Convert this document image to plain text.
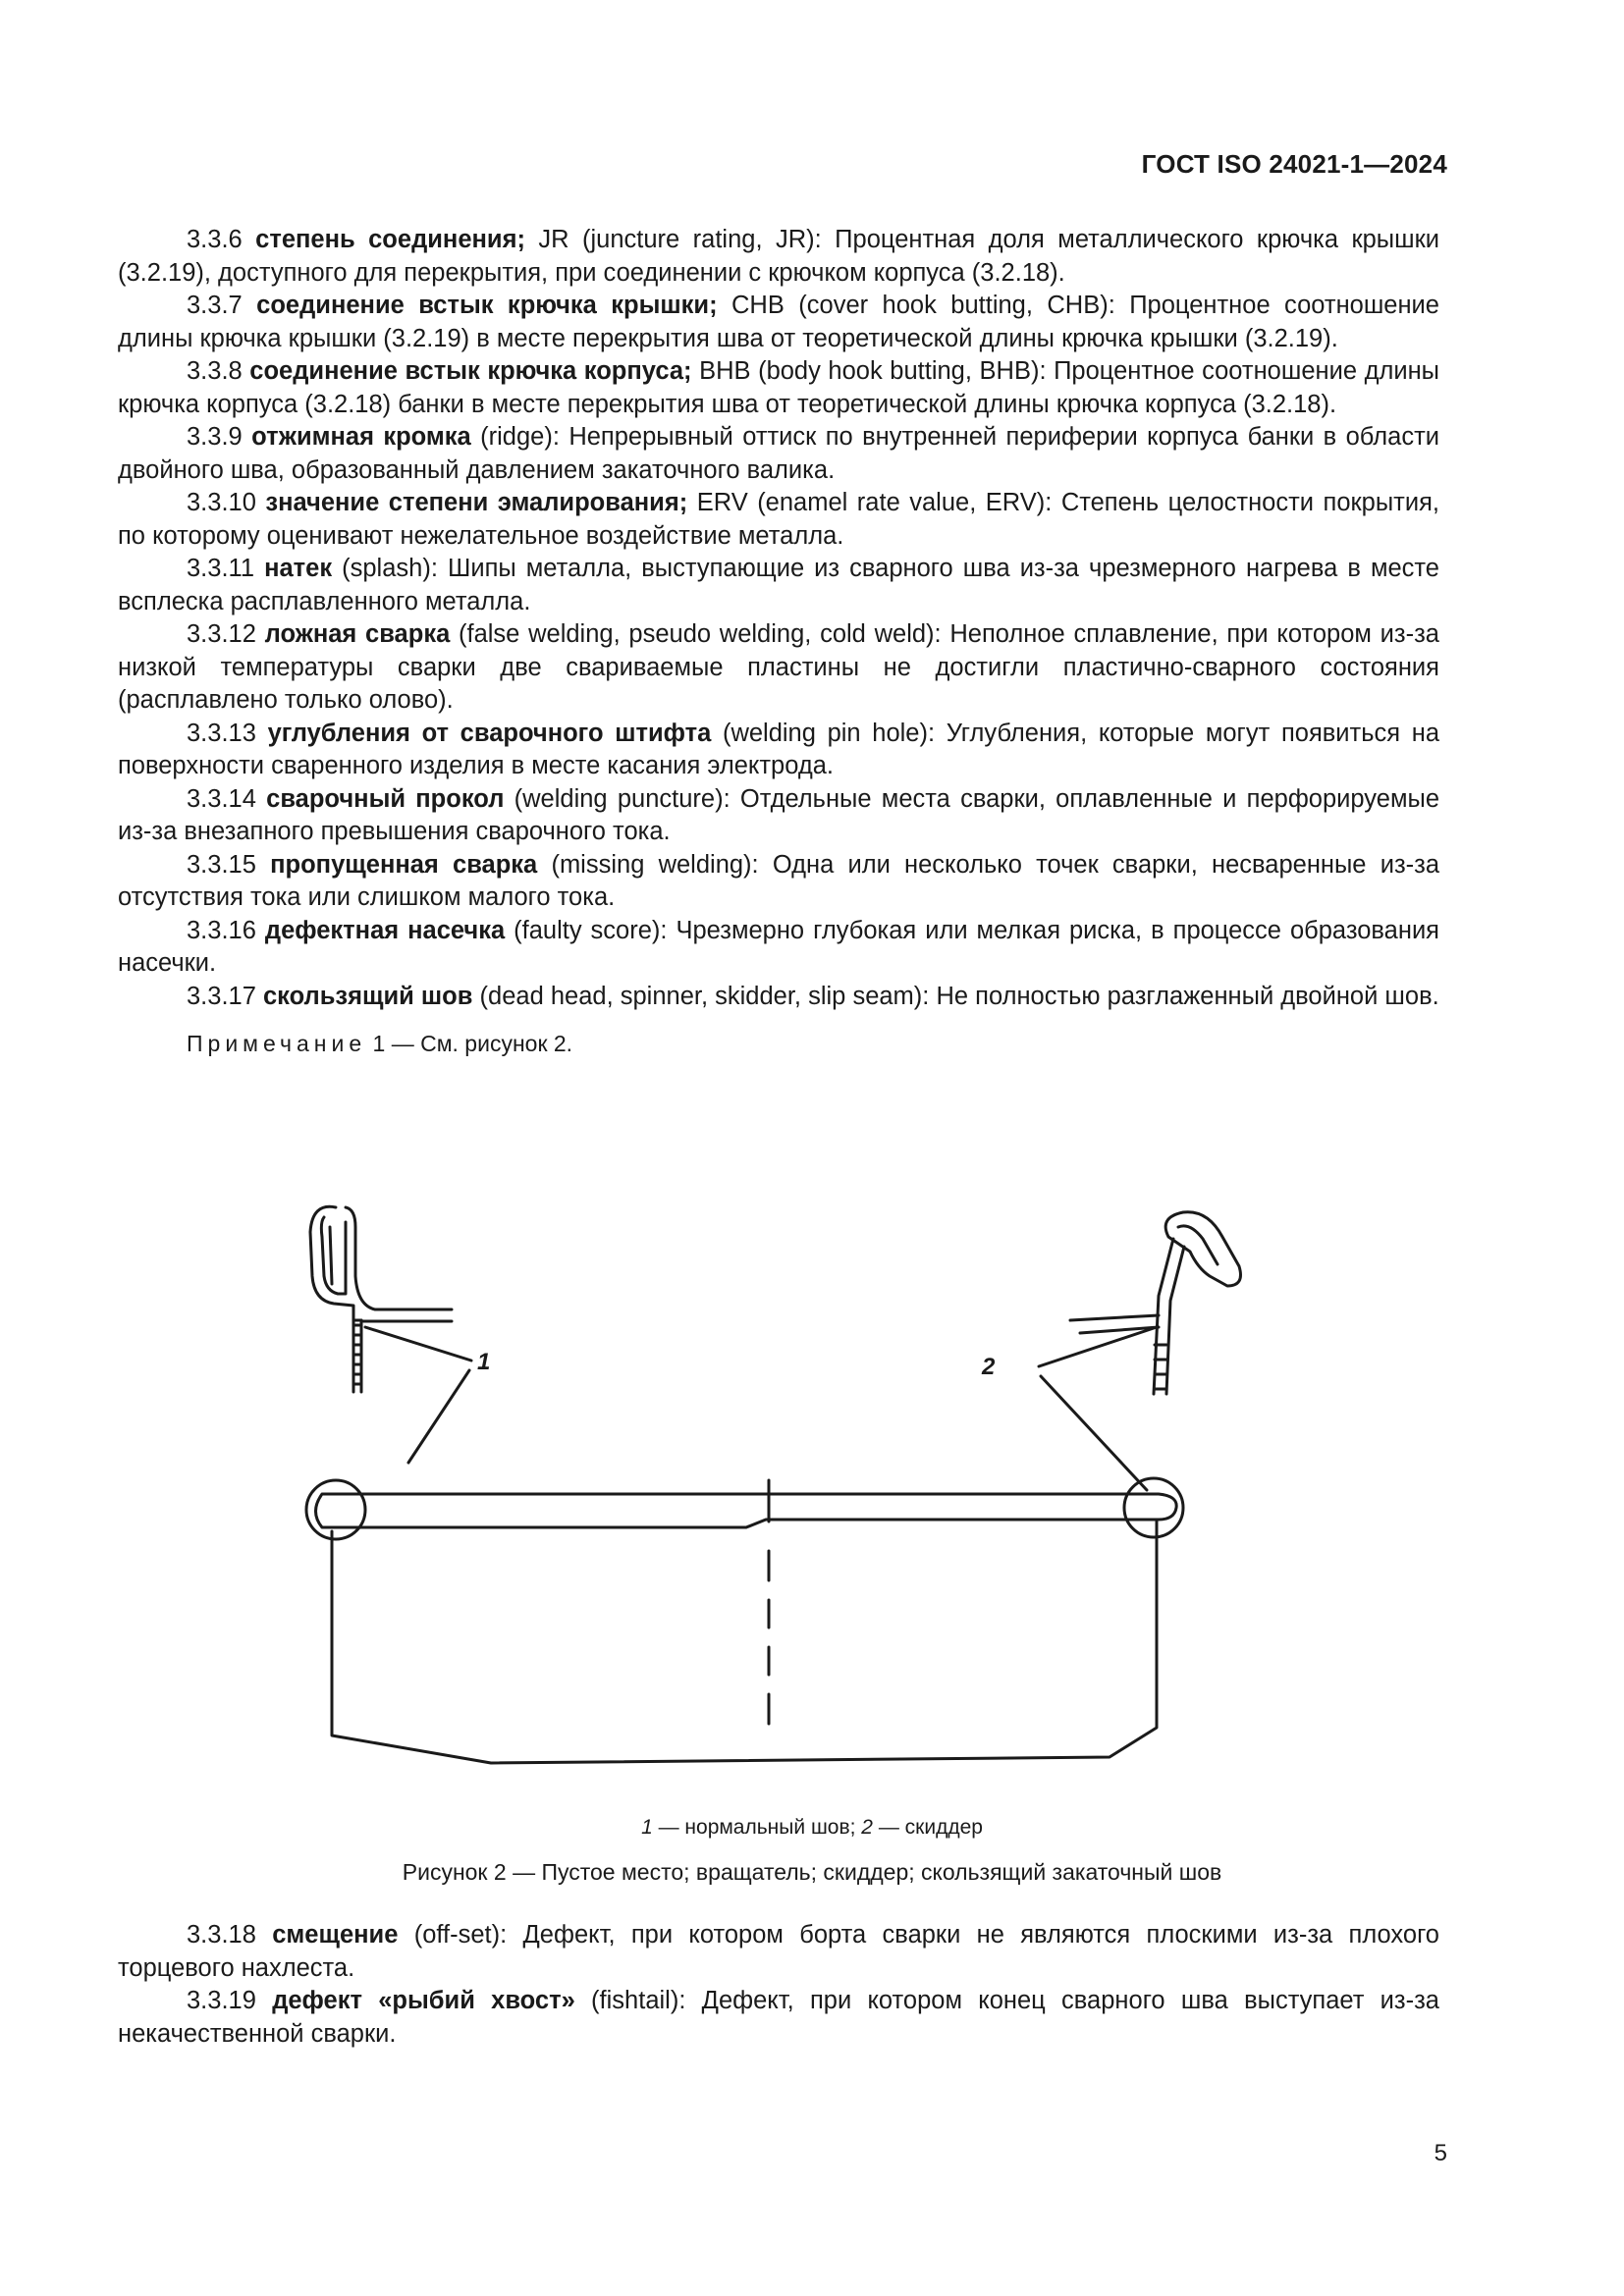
ГОСТ ISO 24021-1—2024

3.3.6 степень соединения; JR (juncture rating, JR): Процентная доля металлического крючка крышки (3.2.19), доступного для перекрытия, при соединении с крючком корпуса (3.2.18).

3.3.7 соединение встык крючка крышки; CHB (cover hook butting, CHB): Процентное соотношение длины крючка крышки (3.2.19) в месте перекрытия шва от теоретической длины крючка крышки (3.2.19).

3.3.8 соединение встык крючка корпуса; BHB (body hook butting, BHB): Процентное соотношение длины крючка корпуса (3.2.18) банки в месте перекрытия шва от теоретической длины крючка корпуса (3.2.18).

3.3.9 отжимная кромка (ridge): Непрерывный оттиск по внутренней периферии корпуса банки в области двойного шва, образованный давлением закаточного валика.

3.3.10 значение степени эмалирования; ERV (enamel rate value, ERV): Степень целостности покрытия, по которому оценивают нежелательное воздействие металла.

3.3.11 натек (splash): Шипы металла, выступающие из сварного шва из-за чрезмерного нагрева в месте всплеска расплавленного металла.

3.3.12 ложная сварка (false welding, pseudo welding, cold weld): Неполное сплавление, при котором из-за низкой температуры сварки две свариваемые пластины не достигли пластично-сварного состояния (расплавлено только олово).

3.3.13 углубления от сварочного штифта (welding pin hole): Углубления, которые могут появиться на поверхности сваренного изделия в месте касания электрода.

3.3.14 сварочный прокол (welding puncture): Отдельные места сварки, оплавленные и перфорируемые из-за внезапного превышения сварочного тока.

3.3.15 пропущенная сварка (missing welding): Одна или несколько точек сварки, несваренные из-за отсутствия тока или слишком малого тока.

3.3.16 дефектная насечка (faulty score): Чрезмерно глубокая или мелкая риска, в процессе образования насечки.

3.3.17 скользящий шов (dead head, spinner, skidder, slip seam): Не полностью разглаженный двойной шов.

Примечание 1 — См. рисунок 2.

1	2
1 — нормальный шов; 2 — скиддер
Рисунок 2 — Пустое место; вращатель; скиддер; скользящий закаточный шов

3.3.18 смещение (off-set): Дефект, при котором борта сварки не являются плоскими из-за плохого торцевого нахлеста.

3.3.19 дефект «рыбий хвост» (fishtail): Дефект, при котором конец сварного шва выступает из-за некачественной сварки.

5
